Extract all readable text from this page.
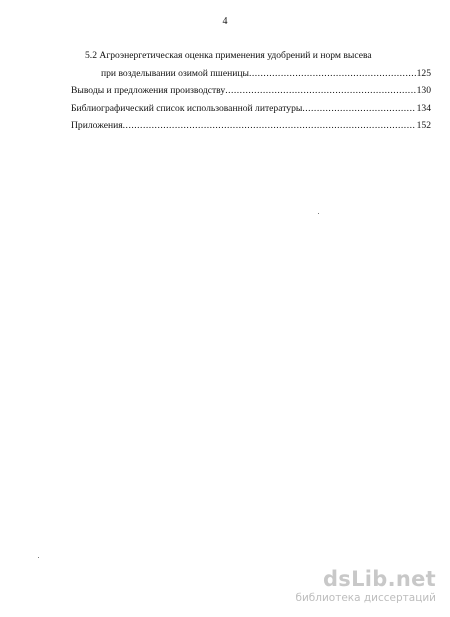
4
5.2 Агроэнергетическая оценка применения удобрений и норм высева
при возделывании озимой пшеницы .....	125
Выводы и предложения производству .....	130
Библиографический список использованной литературы .....	134
Приложения .....	152
dsLib.net
библиотека диссертаций
